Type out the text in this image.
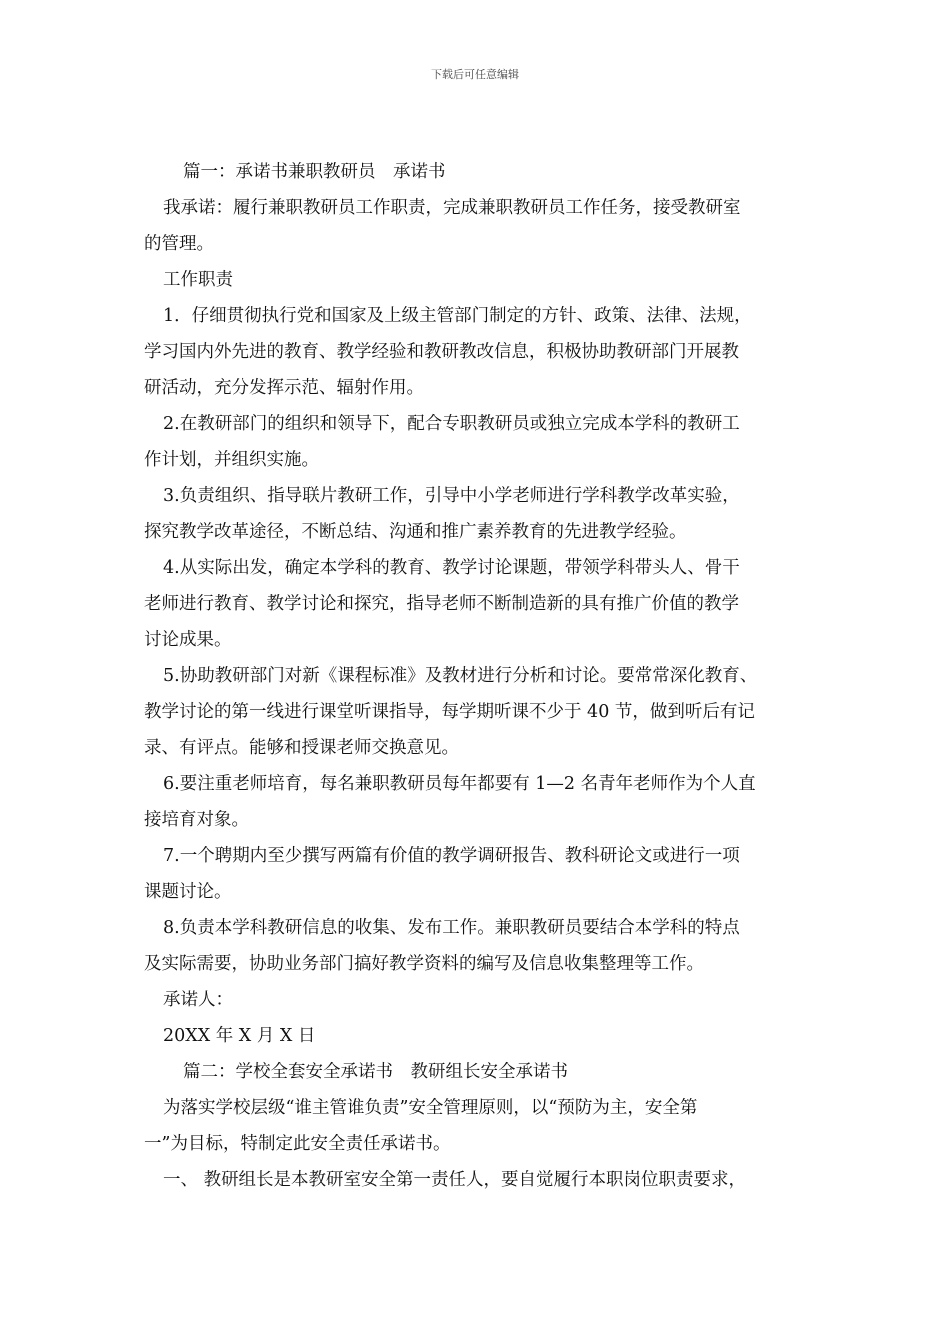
下载后可任意编辑
篇一：承诺书兼职教研员　承诺书
我承诺：履行兼职教研员工作职责，完成兼职教研员工作任务，接受教研室
的管理。
工作职责
1．仔细贯彻执行党和国家及上级主管部门制定的方针、政策、法律、法规，
学习国内外先进的教育、教学经验和教研教改信息，积极协助教研部门开展教
研活动，充分发挥示范、辐射作用。
2.在教研部门的组织和领导下，配合专职教研员或独立完成本学科的教研工
作计划，并组织实施。
3.负责组织、指导联片教研工作，引导中小学老师进行学科教学改革实验，
探究教学改革途径，不断总结、沟通和推广素养教育的先进教学经验。
4.从实际出发，确定本学科的教育、教学讨论课题，带领学科带头人、骨干
老师进行教育、教学讨论和探究，指导老师不断制造新的具有推广价值的教学
讨论成果。
5.协助教研部门对新《课程标准》及教材进行分析和讨论。要常常深化教育、
教学讨论的第一线进行课堂听课指导，每学期听课不少于 40 节，做到听后有记
录、有评点。能够和授课老师交换意见。
6.要注重老师培育，每名兼职教研员每年都要有 1—2 名青年老师作为个人直
接培育对象。
7.一个聘期内至少撰写两篇有价值的教学调研报告、教科研论文或进行一项
课题讨论。
8.负责本学科教研信息的收集、发布工作。兼职教研员要结合本学科的特点
及实际需要，协助业务部门搞好教学资料的编写及信息收集整理等工作。
承诺人：
20XX 年 X 月 X 日
篇二：学校全套安全承诺书　教研组长安全承诺书
为落实学校层级“谁主管谁负责”安全管理原则，以“预防为主，安全第
一”为目标，特制定此安全责任承诺书。
一、 教研组长是本教研室安全第一责任人，要自觉履行本职岗位职责要求，
